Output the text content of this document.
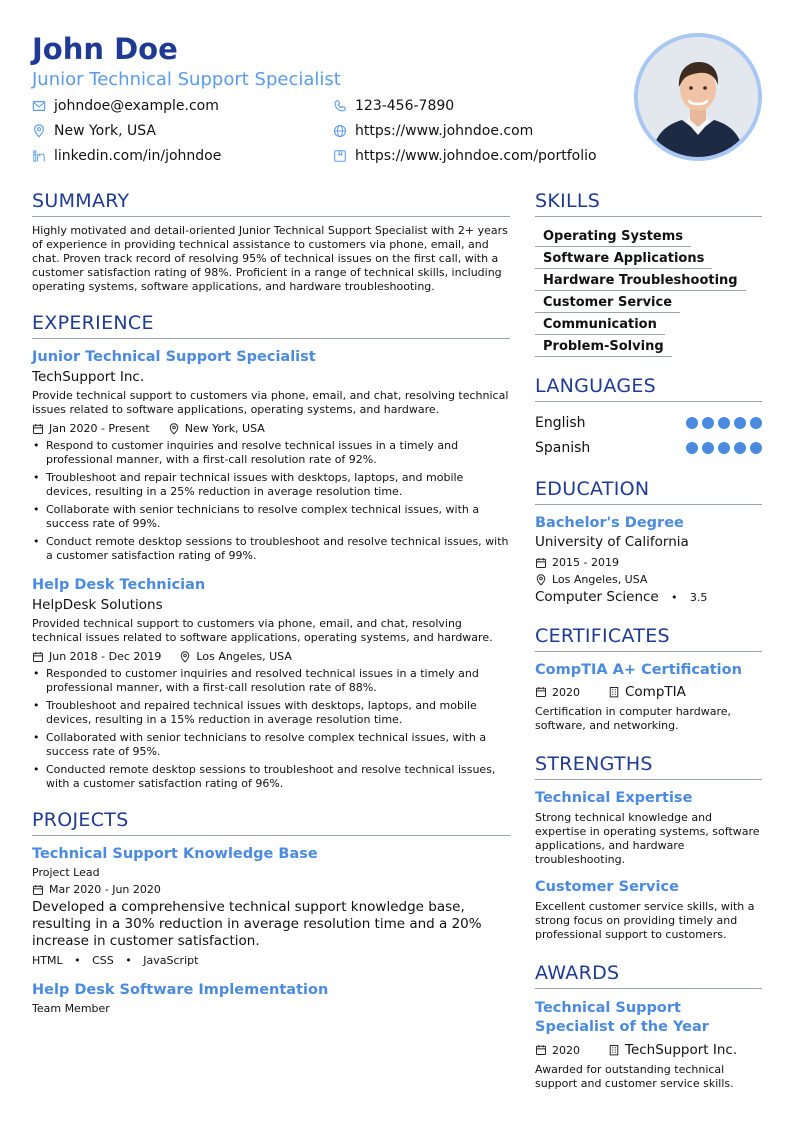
John Doe
Junior Technical Support Specialist
johndoe@example.com	123-456-7890
New York, USA	https://www.johndoe.com
linkedin.com/in/johndoe	https://www.johndoe.com/portfolio
SUMMARY
Highly motivated and detail-oriented Junior Technical Support Specialist with 2+ years of experience in providing technical assistance to customers via phone, email, and chat. Proven track record of resolving 95% of technical issues on the first call, with a customer satisfaction rating of 98%. Proficient in a range of technical skills, including operating systems, software applications, and hardware troubleshooting.
EXPERIENCE
Junior Technical Support Specialist
TechSupport Inc.
Provide technical support to customers via phone, email, and chat, resolving technical issues related to software applications, operating systems, and hardware.
Jan 2020 - Present	New York, USA
• Respond to customer inquiries and resolve technical issues in a timely and professional manner, with a first-call resolution rate of 92%.
• Troubleshoot and repair technical issues with desktops, laptops, and mobile devices, resulting in a 25% reduction in average resolution time.
• Collaborate with senior technicians to resolve complex technical issues, with a success rate of 99%.
• Conduct remote desktop sessions to troubleshoot and resolve technical issues, with a customer satisfaction rating of 99%.
Help Desk Technician
HelpDesk Solutions
Provided technical support to customers via phone, email, and chat, resolving technical issues related to software applications, operating systems, and hardware.
Jun 2018 - Dec 2019	Los Angeles, USA
• Responded to customer inquiries and resolved technical issues in a timely and professional manner, with a first-call resolution rate of 88%.
• Troubleshoot and repaired technical issues with desktops, laptops, and mobile devices, resulting in a 15% reduction in average resolution time.
• Collaborated with senior technicians to resolve complex technical issues, with a success rate of 95%.
• Conducted remote desktop sessions to troubleshoot and resolve technical issues, with a customer satisfaction rating of 96%.
PROJECTS
Technical Support Knowledge Base
Project Lead
Mar 2020 - Jun 2020
Developed a comprehensive technical support knowledge base, resulting in a 30% reduction in average resolution time and a 20% increase in customer satisfaction.
HTML • CSS • JavaScript
Help Desk Software Implementation
Team Member
SKILLS
Operating Systems
Software Applications
Hardware Troubleshooting
Customer Service
Communication
Problem-Solving
LANGUAGES
English
Spanish
EDUCATION
Bachelor's Degree
University of California
2015 - 2019
Los Angeles, USA
Computer Science • 3.5
CERTIFICATES
CompTIA A+ Certification
2020	CompTIA
Certification in computer hardware, software, and networking.
STRENGTHS
Technical Expertise
Strong technical knowledge and expertise in operating systems, software applications, and hardware troubleshooting.
Customer Service
Excellent customer service skills, with a strong focus on providing timely and professional support to customers.
AWARDS
Technical Support Specialist of the Year
2020	TechSupport Inc.
Awarded for outstanding technical support and customer service skills.
